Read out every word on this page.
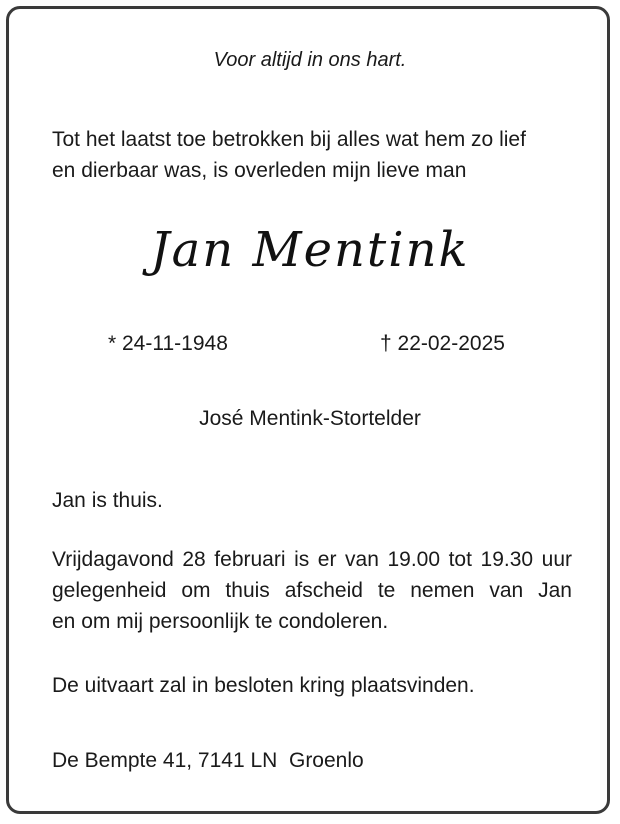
Voor altijd in ons hart.
Tot het laatst toe betrokken bij alles wat hem zo lief
en dierbaar was, is overleden mijn lieve man
Jan Mentink
* 24-11-1948	† 22-02-2025
José Mentink-Stortelder
Jan is thuis.
Vrijdagavond 28 februari is er van 19.00 tot 19.30 uur
gelegenheid om thuis afscheid te nemen van Jan
en om mij persoonlijk te condoleren.
De uitvaart zal in besloten kring plaatsvinden.
De Bempte 41, 7141 LN  Groenlo
